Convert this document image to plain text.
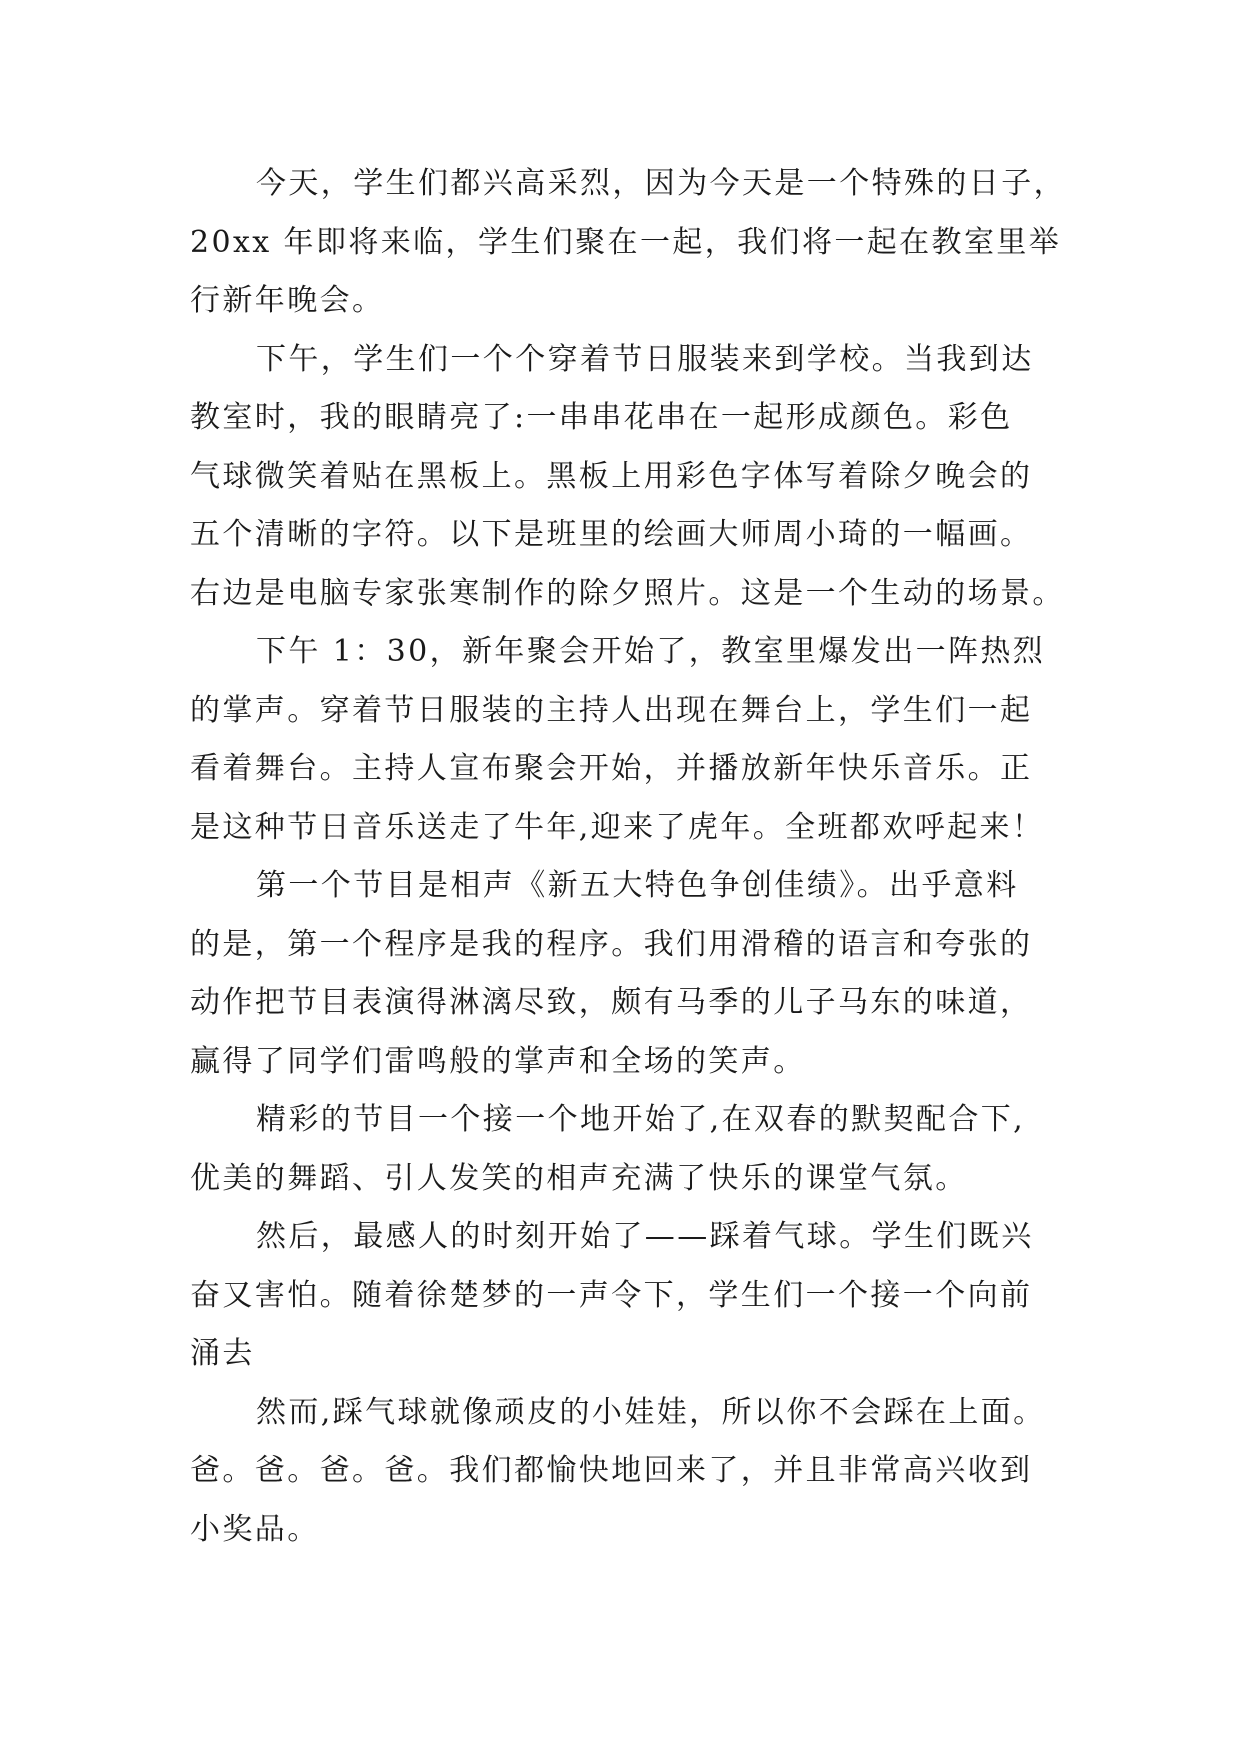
今天，学生们都兴高采烈，因为今天是一个特殊的日子，
20xx 年即将来临，学生们聚在一起，我们将一起在教室里举
行新年晚会。

下午，学生们一个个穿着节日服装来到学校。当我到达
教室时，我的眼睛亮了:一串串花串在一起形成颜色。彩色
气球微笑着贴在黑板上。黑板上用彩色字体写着除夕晚会的
五个清晰的字符。以下是班里的绘画大师周小琦的一幅画。
右边是电脑专家张寒制作的除夕照片。这是一个生动的场景。

下午 1：30，新年聚会开始了，教室里爆发出一阵热烈
的掌声。穿着节日服装的主持人出现在舞台上，学生们一起
看着舞台。主持人宣布聚会开始，并播放新年快乐音乐。正
是这种节日音乐送走了牛年,迎来了虎年。全班都欢呼起来！

第一个节目是相声《新五大特色争创佳绩》。出乎意料
的是，第一个程序是我的程序。我们用滑稽的语言和夸张的
动作把节目表演得淋漓尽致，颇有马季的儿子马东的味道，
赢得了同学们雷鸣般的掌声和全场的笑声。

精彩的节目一个接一个地开始了,在双春的默契配合下,
优美的舞蹈、引人发笑的相声充满了快乐的课堂气氛。

然后，最感人的时刻开始了——踩着气球。学生们既兴
奋又害怕。随着徐楚梦的一声令下，学生们一个接一个向前
涌去

然而,踩气球就像顽皮的小娃娃，所以你不会踩在上面。
爸。爸。爸。爸。我们都愉快地回来了，并且非常高兴收到
小奖品。
